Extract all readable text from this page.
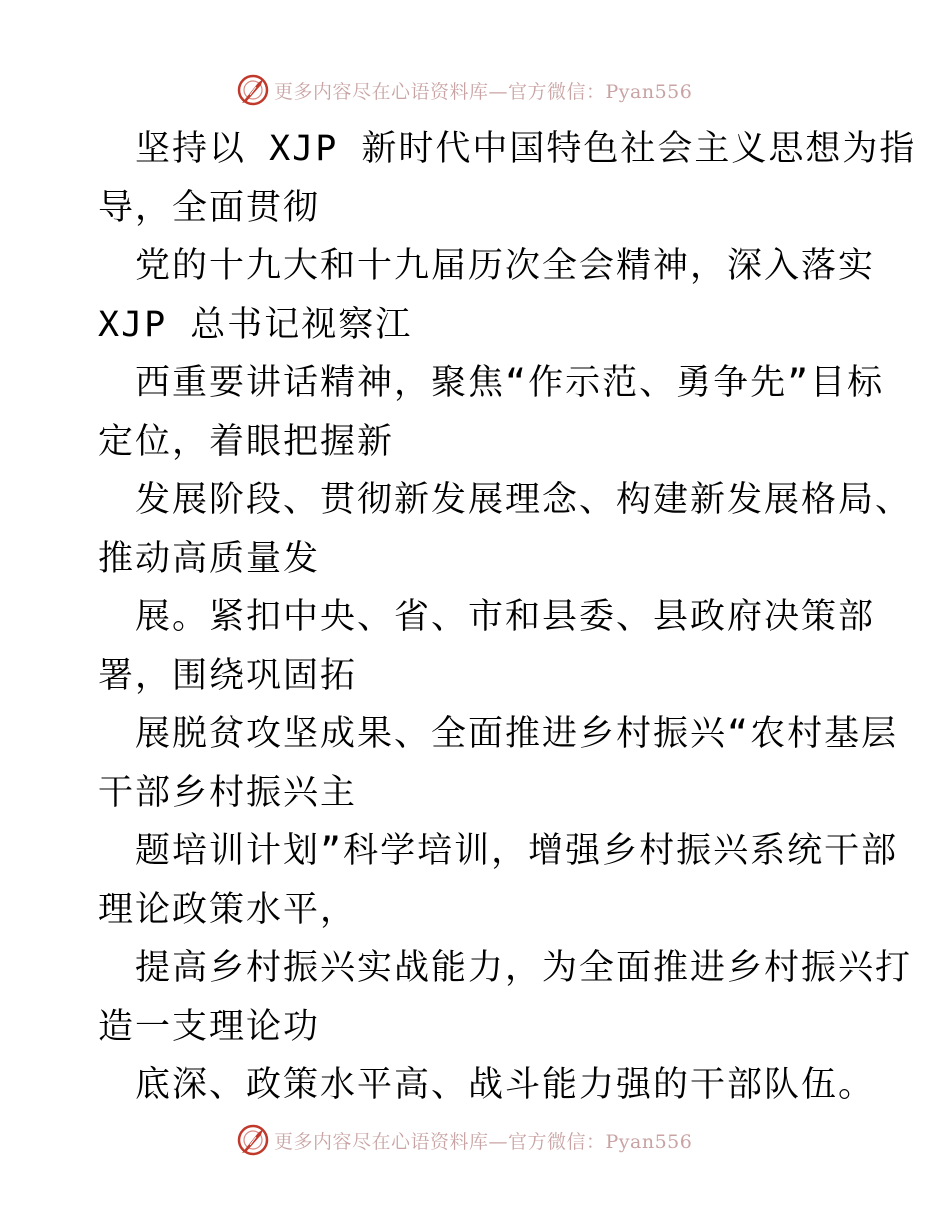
更多内容尽在心语资料库—官方微信：Pyan556

坚持以 XJP 新时代中国特色社会主义思想为指

导，全面贯彻

党的十九大和十九届历次全会精神，深入落实

XJP 总书记视察江

西重要讲话精神，聚焦“作示范、勇争先”目标

定位，着眼把握新

发展阶段、贯彻新发展理念、构建新发展格局、

推动高质量发

展。紧扣中央、省、市和县委、县政府决策部

署，围绕巩固拓

展脱贫攻坚成果、全面推进乡村振兴“农村基层

干部乡村振兴主

题培训计划”科学培训，增强乡村振兴系统干部

理论政策水平，

提高乡村振兴实战能力，为全面推进乡村振兴打

造一支理论功

底深、政策水平高、战斗能力强的干部队伍。

更多内容尽在心语资料库—官方微信：Pyan556
